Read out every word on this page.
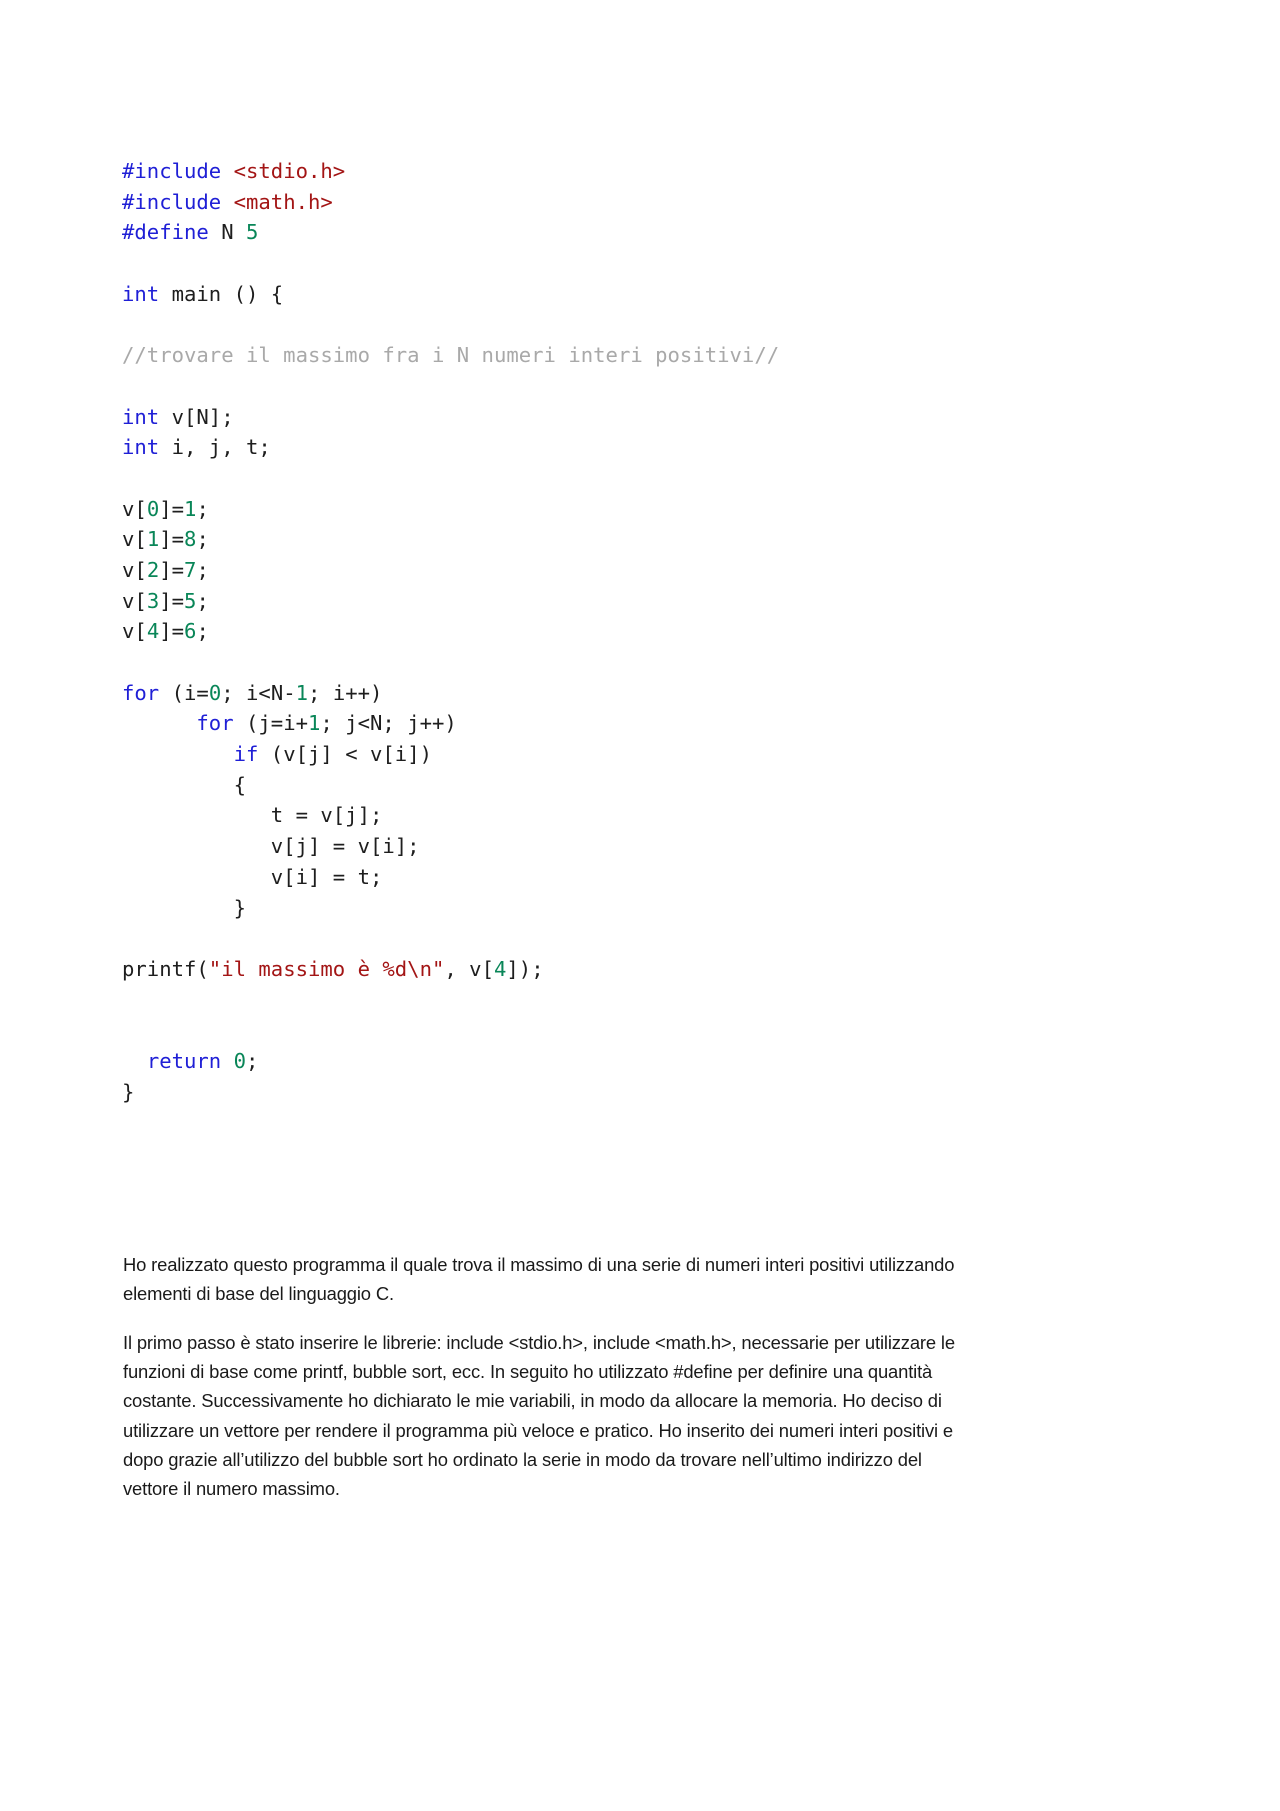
#include <stdio.h>
#include <math.h>
#define N 5

int main () {

//trovare il massimo fra i N numeri interi positivi//

int v[N];
int i, j, t;

v[0]=1;
v[1]=8;
v[2]=7;
v[3]=5;
v[4]=6;

for (i=0; i<N-1; i++)
for (j=i+1; j<N; j++)
if (v[j] < v[i])
{
t = v[j];
v[j] = v[i];
v[i] = t;
}

printf("il massimo è %d\n", v[4]);

return 0;
}

Ho realizzato questo programma il quale trova il massimo di una serie di numeri interi positivi utilizzando
elementi di base del linguaggio C.

Il primo passo è stato inserire le librerie: include <stdio.h>, include <math.h>, necessarie per utilizzare le
funzioni di base come printf, bubble sort, ecc. In seguito ho utilizzato #define per definire una quantità
costante. Successivamente ho dichiarato le mie variabili, in modo da allocare la memoria. Ho deciso di
utilizzare un vettore per rendere il programma più veloce e pratico. Ho inserito dei numeri interi positivi e
dopo grazie all’utilizzo del bubble sort ho ordinato la serie in modo da trovare nell’ultimo indirizzo del
vettore il numero massimo.
